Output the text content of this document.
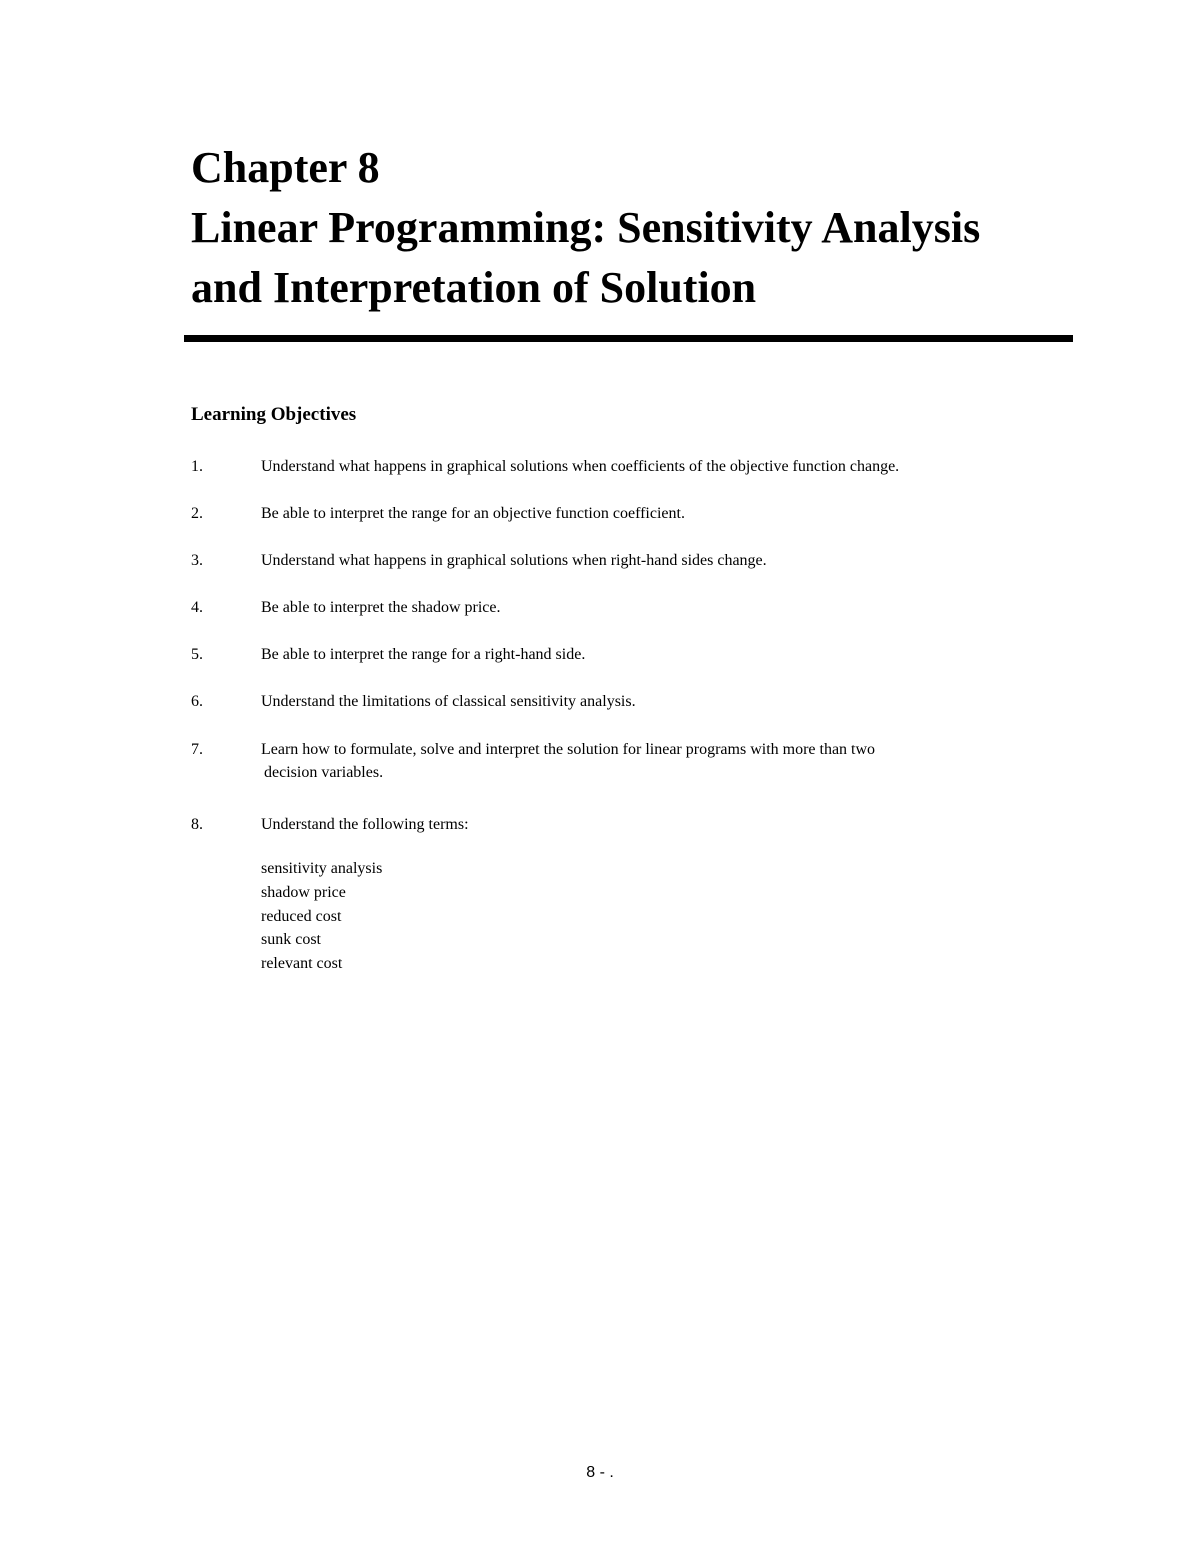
Chapter 8
Linear Programming: Sensitivity Analysis
and Interpretation of Solution
Learning Objectives
1.	Understand what happens in graphical solutions when coefficients of the objective function change.
2.	Be able to interpret the range for an objective function coefficient.
3.	Understand what happens in graphical solutions when right-hand sides change.
4.	Be able to interpret the shadow price.
5.	Be able to interpret the range for a right-hand side.
6.	Understand the limitations of classical sensitivity analysis.
7.	Learn how to formulate, solve and interpret the solution for linear programs with more than two
decision variables.
8.	Understand the following terms:
sensitivity analysis
shadow price
reduced cost
sunk cost
relevant cost
8 - .
